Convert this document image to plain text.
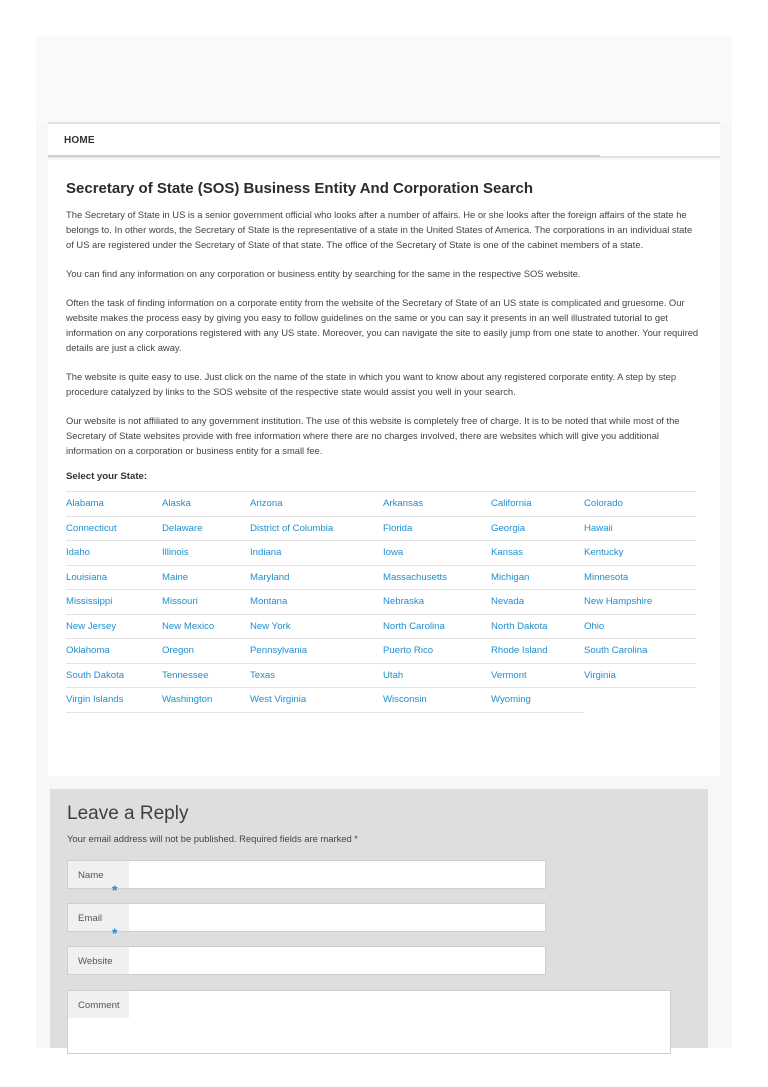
HOME
Secretary of State (SOS) Business Entity And Corporation Search

The Secretary of State in US is a senior government official who looks after a number of affairs. He or she looks after the foreign affairs of the state he belongs to. In other words, the Secretary of State is the representative of a state in the United States of America. The corporations in an individual state of US are registered under the Secretary of State of that state. The office of the Secretary of State is one of the cabinet members of a state.

You can find any information on any corporation or business entity by searching for the same in the respective SOS website.

Often the task of finding information on a corporate entity from the website of the Secretary of State of an US state is complicated and gruesome. Our website makes the process easy by giving you easy to follow guidelines on the same or you can say it presents in an well illustrated tutorial to get information on any corporations registered with any US state. Moreover, you can navigate the site to easily jump from one state to another. Your required details are just a click away.

The website is quite easy to use. Just click on the name of the state in which you want to know about any registered corporate entity. A step by step procedure catalyzed by links to the SOS website of the respective state would assist you well in your search.

Our website is not affiliated to any government institution. The use of this website is completely free of charge. It is to be noted that while most of the Secretary of State websites provide with free information where there are no charges involved, there are websites which will give you additional information on a corporation or business entity for a small fee.

Select your State:
Alabama	Alaska	Arizona	Arkansas	California	Colorado
Connecticut	Delaware	District of Columbia	Florida	Georgia	Hawaii
Idaho	Illinois	Indiana	Iowa	Kansas	Kentucky
Louisiana	Maine	Maryland	Massachusetts	Michigan	Minnesota
Mississippi	Missouri	Montana	Nebraska	Nevada	New Hampshire
New Jersey	New Mexico	New York	North Carolina	North Dakota	Ohio
Oklahoma	Oregon	Pennsylvania	Puerto Rico	Rhode Island	South Carolina
South Dakota	Tennessee	Texas	Utah	Vermont	Virginia
Virgin Islands	Washington	West Virginia	Wisconsin	Wyoming	
Leave a Reply
Your email address will not be published. Required fields are marked *
Name
*
Email
*
Website
Comment
